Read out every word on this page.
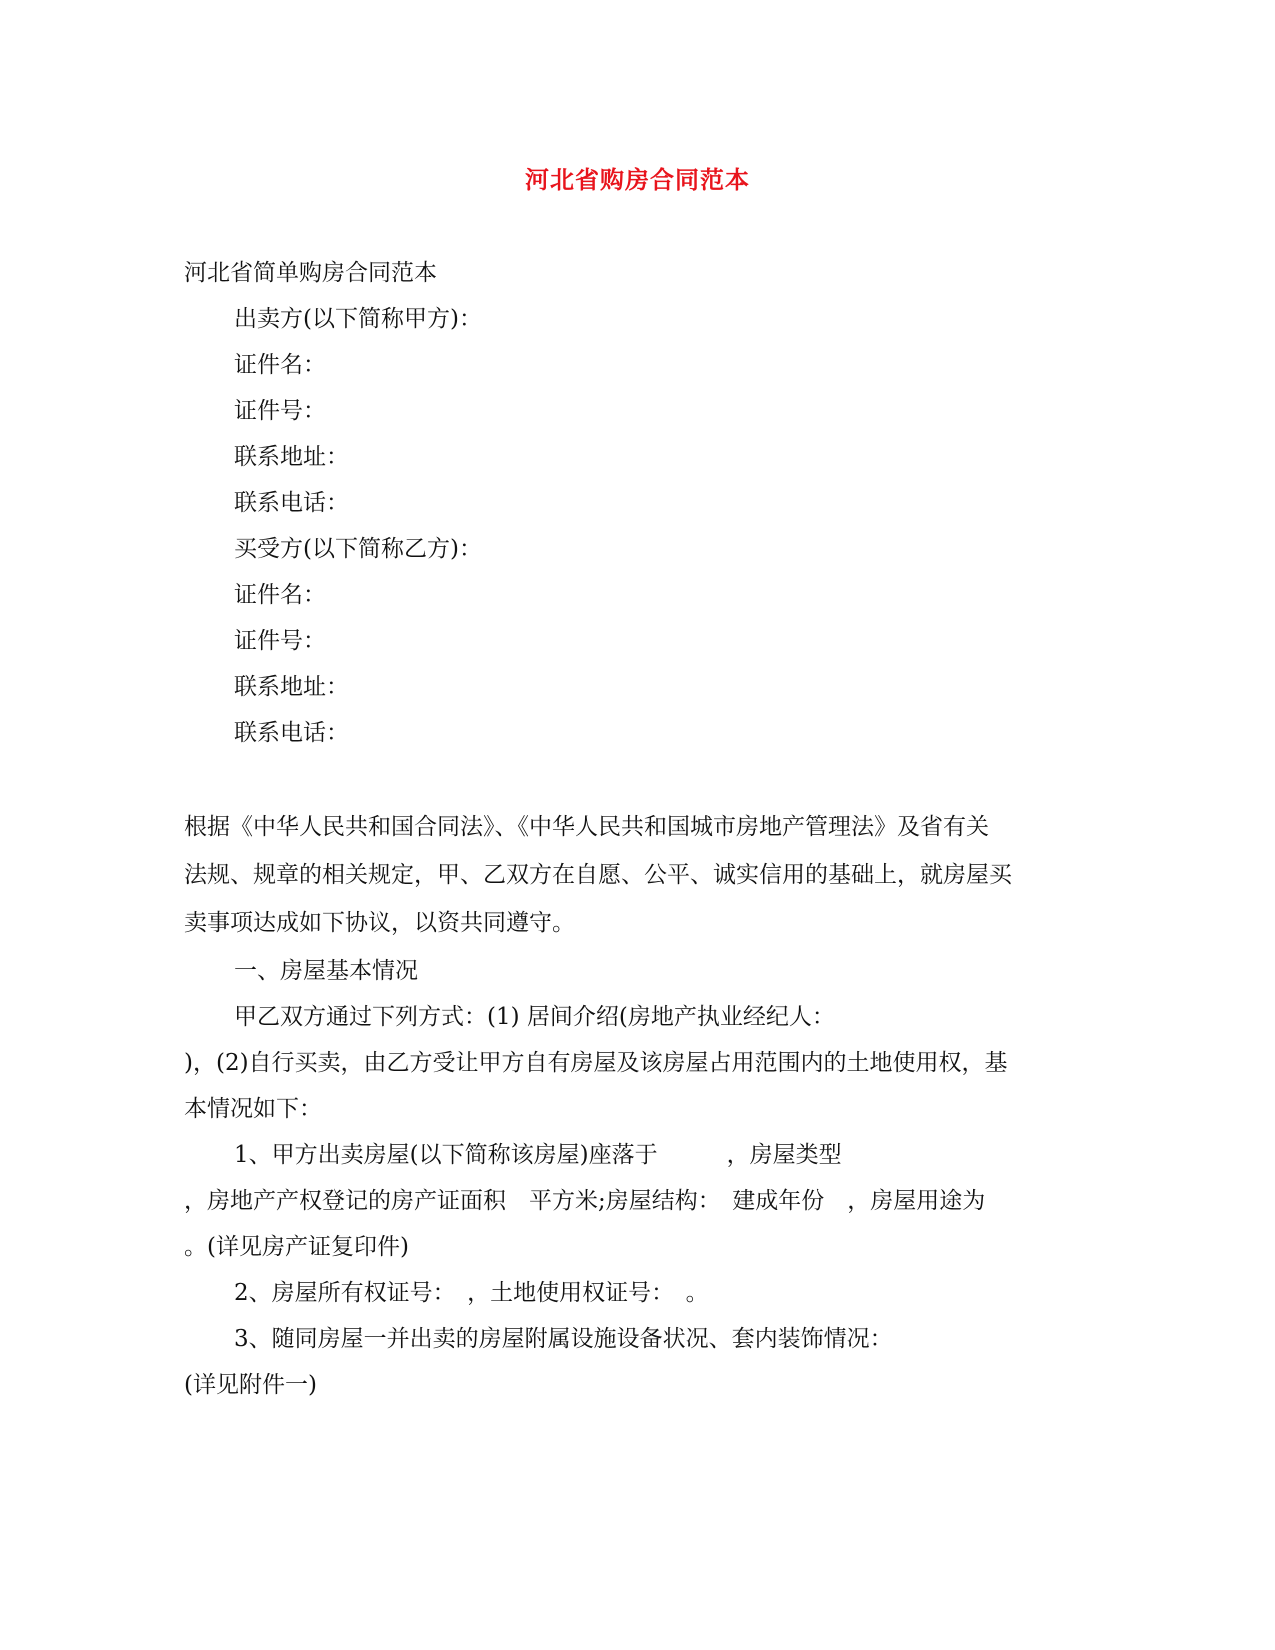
河北省购房合同范本
河北省简单购房合同范本
出卖方(以下简称甲方)：
证件名：
证件号：
联系地址：
联系电话：
买受方(以下简称乙方)：
证件名：
证件号：
联系地址：
联系电话：
根据《中华人民共和国合同法》、《中华人民共和国城市房地产管理法》及省有关
法规、规章的相关规定，甲、乙双方在自愿、公平、诚实信用的基础上，就房屋买
卖事项达成如下协议，以资共同遵守。
一、房屋基本情况
甲乙双方通过下列方式：(1) 居间介绍(房地产执业经纪人：
)，(2)自行买卖，由乙方受让甲方自有房屋及该房屋占用范围内的土地使用权，基
本情况如下：
1、甲方出卖房屋(以下简称该房屋)座落于　　　，房屋类型
，房地产产权登记的房产证面积　平方米;房屋结构：　建成年份　，房屋用途为
。(详见房产证复印件)
2、房屋所有权证号：　，土地使用权证号：　。
3、随同房屋一并出卖的房屋附属设施设备状况、套内装饰情况：
(详见附件一)
